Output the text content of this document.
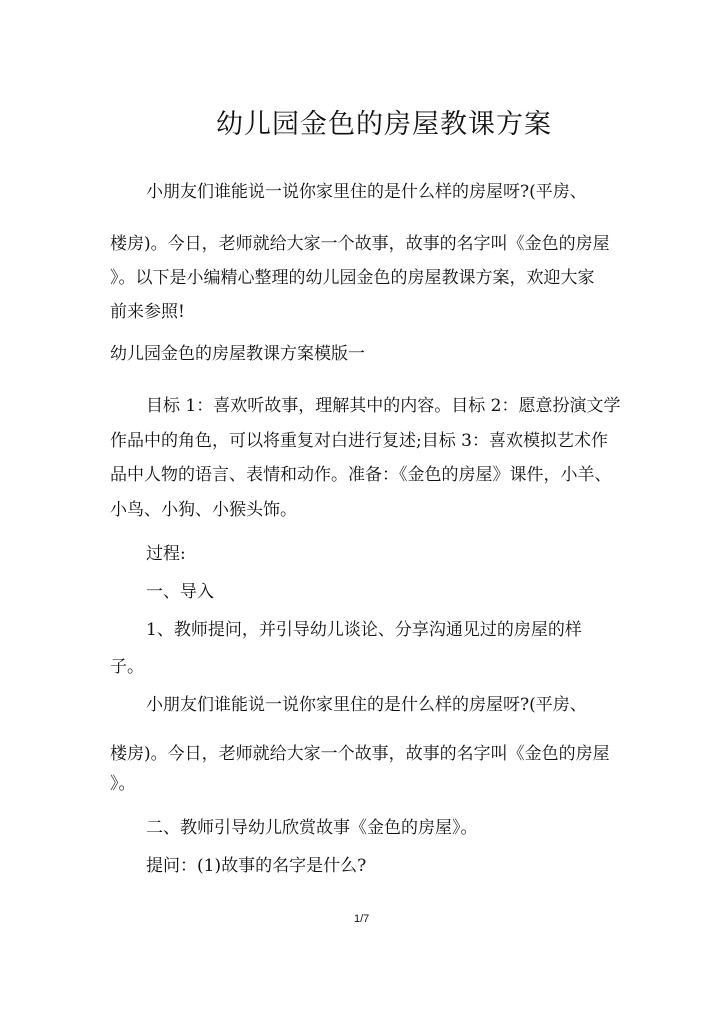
幼儿园金色的房屋教课方案
小朋友们谁能说一说你家里住的是什么样的房屋呀?(平房、
楼房)。今日，老师就给大家一个故事，故事的名字叫《金色的房屋
》。以下是小编精心整理的幼儿园金色的房屋教课方案，欢迎大家
前来参照!
幼儿园金色的房屋教课方案模版一
目标 1：喜欢听故事，理解其中的内容。目标 2：愿意扮演文学
作品中的角色，可以将重复对白进行复述;目标 3：喜欢模拟艺术作
品中人物的语言、表情和动作。准备：《金色的房屋》课件，小羊、
小鸟、小狗、小猴头饰。
过程:
一、导入
1、教师提问，并引导幼儿谈论、分享沟通见过的房屋的样
子。
小朋友们谁能说一说你家里住的是什么样的房屋呀?(平房、
楼房)。今日，老师就给大家一个故事，故事的名字叫《金色的房屋
》。
二、教师引导幼儿欣赏故事《金色的房屋》。
提问：(1)故事的名字是什么?
1/7
